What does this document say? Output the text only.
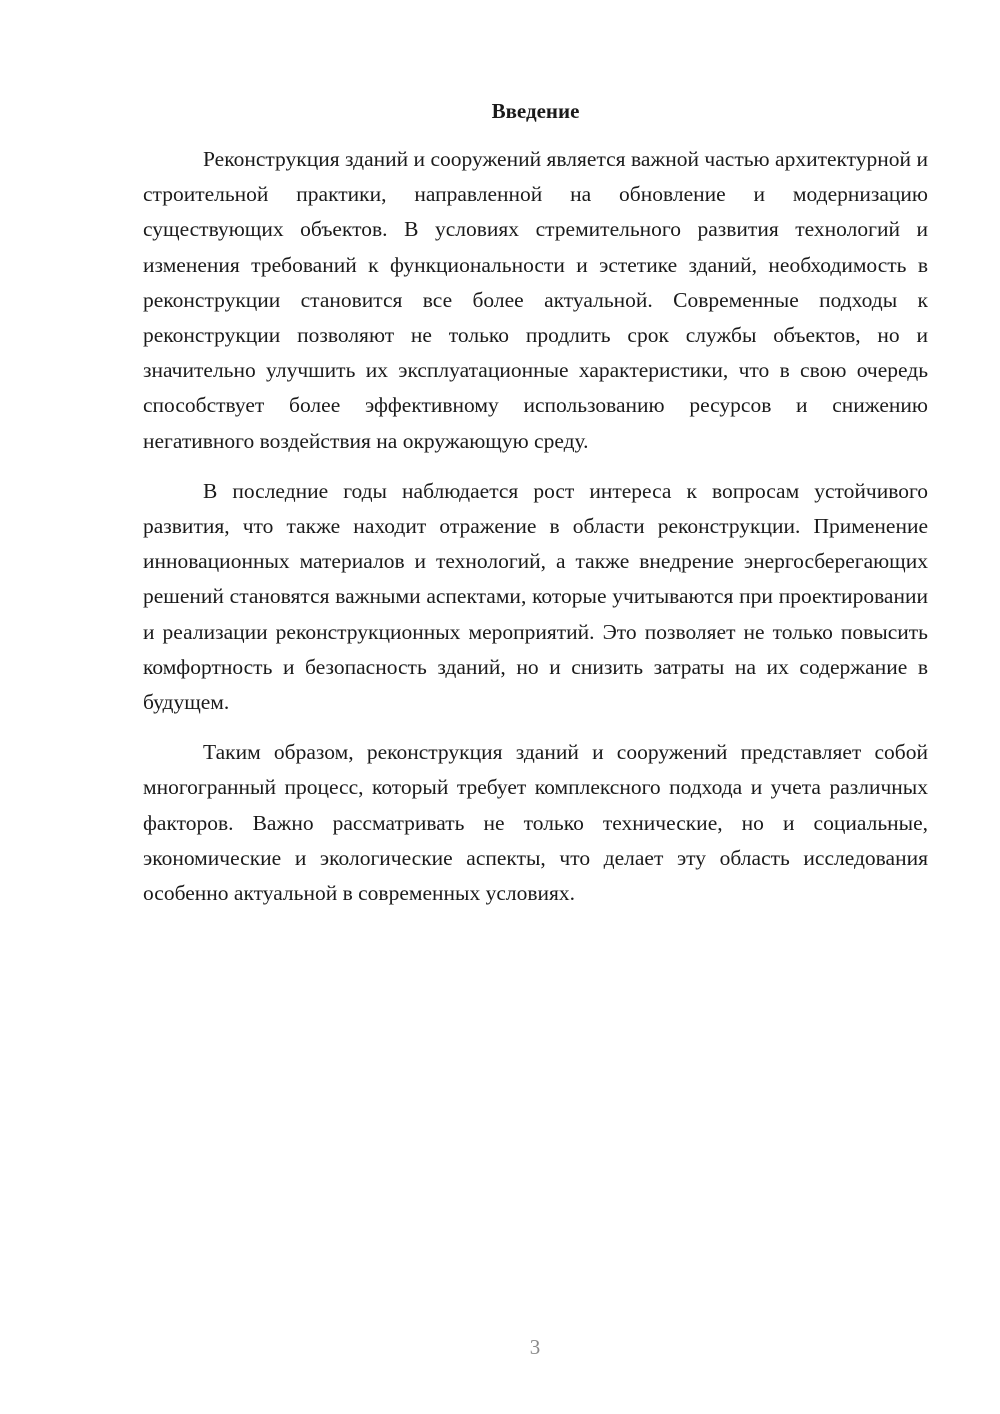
Введение

Реконструкция зданий и сооружений является важной частью архитектурной и строительной практики, направленной на обновление и модернизацию существующих объектов. В условиях стремительного развития технологий и изменения требований к функциональности и эстетике зданий, необходимость в реконструкции становится все более актуальной. Современные подходы к реконструкции позволяют не только продлить срок службы объектов, но и значительно улучшить их эксплуатационные характеристики, что в свою очередь способствует более эффективному использованию ресурсов и снижению негативного воздействия на окружающую среду.

В последние годы наблюдается рост интереса к вопросам устойчивого развития, что также находит отражение в области реконструкции. Применение инновационных материалов и технологий, а также внедрение энергосберегающих решений становятся важными аспектами, которые учитываются при проектировании и реализации реконструкционных мероприятий. Это позволяет не только повысить комфортность и безопасность зданий, но и снизить затраты на их содержание в будущем.

Таким образом, реконструкция зданий и сооружений представляет собой многогранный процесс, который требует комплексного подхода и учета различных факторов. Важно рассматривать не только технические, но и социальные, экономические и экологические аспекты, что делает эту область исследования особенно актуальной в современных условиях.

3
